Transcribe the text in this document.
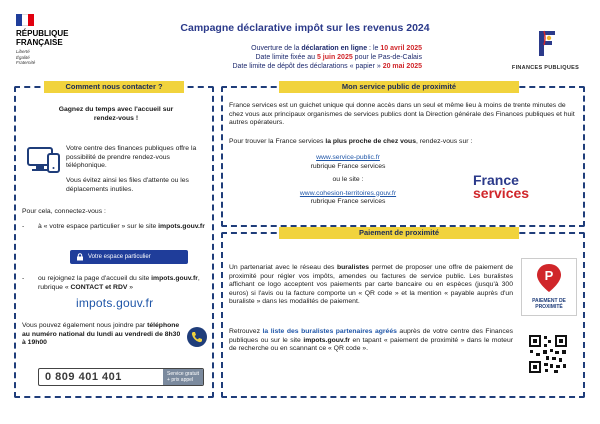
RÉPUBLIQUE FRANÇAISE
Liberté
Égalité
Fraternité
Campagne déclarative impôt sur les revenus 2024
Ouverture de la déclaration en ligne : le 10 avril 2025
Date limite fixée au 5 juin 2025 pour le Pas-de-Calais
Date limite de dépôt des déclarations « papier » 20 mai 2025	FINANCES PUBLIQUES
Comment nous contacter ?
Gagnez du temps avec l'accueil sur rendez-vous !
Votre centre des finances publiques offre la possibilité de prendre rendez-vous téléphonique.
Vous évitez ainsi les files d'attente ou les déplacements inutiles.
Pour cela, connectez-vous :
-	à « votre espace particulier » sur le site impots.gouv.fr
Votre espace particulier
-	ou rejoignez la page d'accueil du site impots.gouv.fr, rubrique « CONTACT et RDV »
impots.gouv.fr
Vous pouvez également nous joindre par téléphone au numéro national du lundi au vendredi de 8h30 à 19h00
0 809 401 401	Service gratuit
+ prix appel
Mon service public de proximité
France services est un guichet unique qui donne accès dans un seul et même lieu à moins de trente minutes de chez vous aux principaux organismes de services publics dont la Direction générale des Finances publiques et huit autres opérateurs.
Pour trouver la France services la plus proche de chez vous, rendez-vous sur :
www.service-public.fr
rubrique France services
ou le site :
www.cohesion-territoires.gouv.fr
rubrique France services
France
services
Paiement de proximité
Un partenariat avec le réseau des buralistes permet de proposer une offre de paiement de proximité pour régler vos impôts, amendes ou factures de service public. Les buralistes affichant ce logo acceptent vos paiements par carte bancaire ou en espèces (jusqu'à 300 euros) si l'avis ou la facture comporte un « QR code » et la mention « payable auprès d'un buraliste » dans les modalités de paiement.
Retrouvez la liste des buralistes partenaires agréés auprès de votre centre des Finances publiques ou sur le site impots.gouv.fr en tapant « paiement de proximité » dans le moteur de recherche ou en scannant ce « QR code ».
P
PAIEMENT DE PROXIMITÉ
